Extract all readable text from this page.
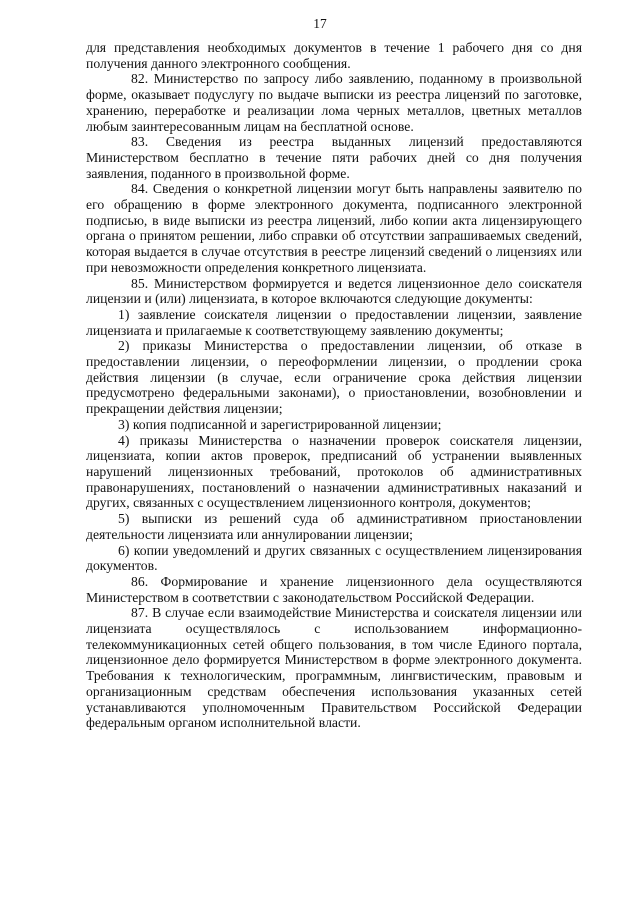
17

для представления необходимых документов в течение 1 рабочего дня со дня получения данного электронного сообщения.

82. Министерство по запросу либо заявлению, поданному в произвольной форме, оказывает подуслугу по выдаче выписки из реестра лицензий по заготовке, хранению, переработке и реализации лома черных металлов, цветных металлов любым заинтересованным лицам на бесплатной основе.

83. Сведения из реестра выданных лицензий предоставляются Министерством бесплатно в течение пяти рабочих дней со дня получения заявления, поданного в произвольной форме.

84. Сведения о конкретной лицензии могут быть направлены заявителю по его обращению в форме электронного документа, подписанного электронной подписью, в виде выписки из реестра лицензий, либо копии акта лицензирующего органа о принятом решении, либо справки об отсутствии запрашиваемых сведений, которая выдается в случае отсутствия в реестре лицензий сведений о лицензиях или при невозможности определения конкретного лицензиата.

85. Министерством формируется и ведется лицензионное дело соискателя лицензии и (или) лицензиата, в которое включаются следующие документы:

1) заявление соискателя лицензии о предоставлении лицензии, заявление лицензиата и прилагаемые к соответствующему заявлению документы;

2) приказы Министерства о предоставлении лицензии, об отказе в предоставлении лицензии, о переоформлении лицензии, о продлении срока действия лицензии (в случае, если ограничение срока действия лицензии предусмотрено федеральными законами), о приостановлении, возобновлении и прекращении действия лицензии;

3) копия подписанной и зарегистрированной лицензии;

4) приказы Министерства о назначении проверок соискателя лицензии, лицензиата, копии актов проверок, предписаний об устранении выявленных нарушений лицензионных требований, протоколов об административных правонарушениях, постановлений о назначении административных наказаний и других, связанных с осуществлением лицензионного контроля, документов;

5) выписки из решений суда об административном приостановлении деятельности лицензиата или аннулировании лицензии;

6) копии уведомлений и других связанных с осуществлением лицензирования документов.

86. Формирование и хранение лицензионного дела осуществляются Министерством в соответствии с законодательством Российской Федерации.

87. В случае если взаимодействие Министерства и соискателя лицензии или лицензиата осуществлялось с использованием информационно-телекоммуникационных сетей общего пользования, в том числе Единого портала, лицензионное дело формируется Министерством в форме электронного документа. Требования к технологическим, программным, лингвистическим, правовым и организационным средствам обеспечения использования указанных сетей устанавливаются уполномоченным Правительством Российской Федерации федеральным органом исполнительной власти.
